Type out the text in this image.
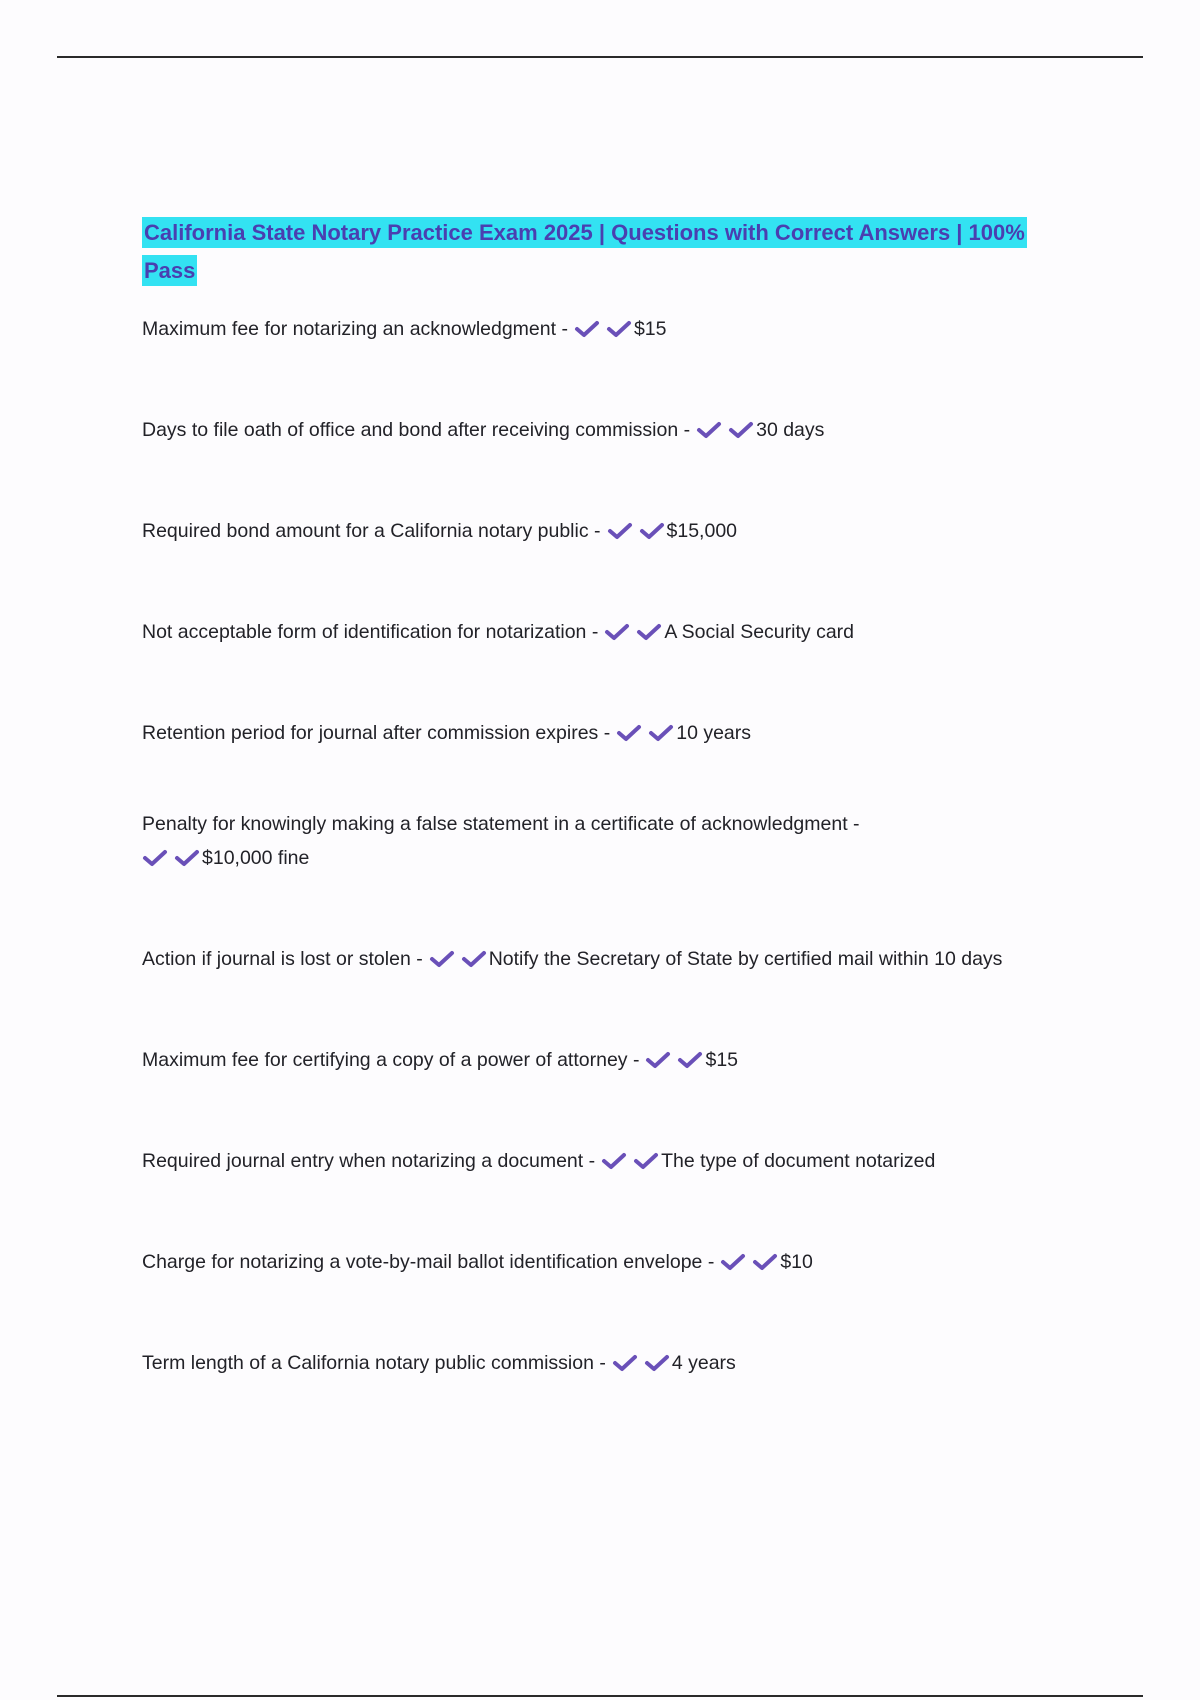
California State Notary Practice Exam 2025 | Questions with Correct Answers | 100% Pass

Maximum fee for notarizing an acknowledgment -	$15

Days to file oath of office and bond after receiving commission -	30 days

Required bond amount for a California notary public -	$15,000

Not acceptable form of identification for notarization -	A Social Security card

Retention period for journal after commission expires -	10 years

Penalty for knowingly making a false statement in a certificate of acknowledgment -
$10,000 fine

Action if journal is lost or stolen -	Notify the Secretary of State by certified mail within 10 days

Maximum fee for certifying a copy of a power of attorney -	$15

Required journal entry when notarizing a document -	The type of document notarized

Charge for notarizing a vote-by-mail ballot identification envelope -	$10

Term length of a California notary public commission -	4 years
